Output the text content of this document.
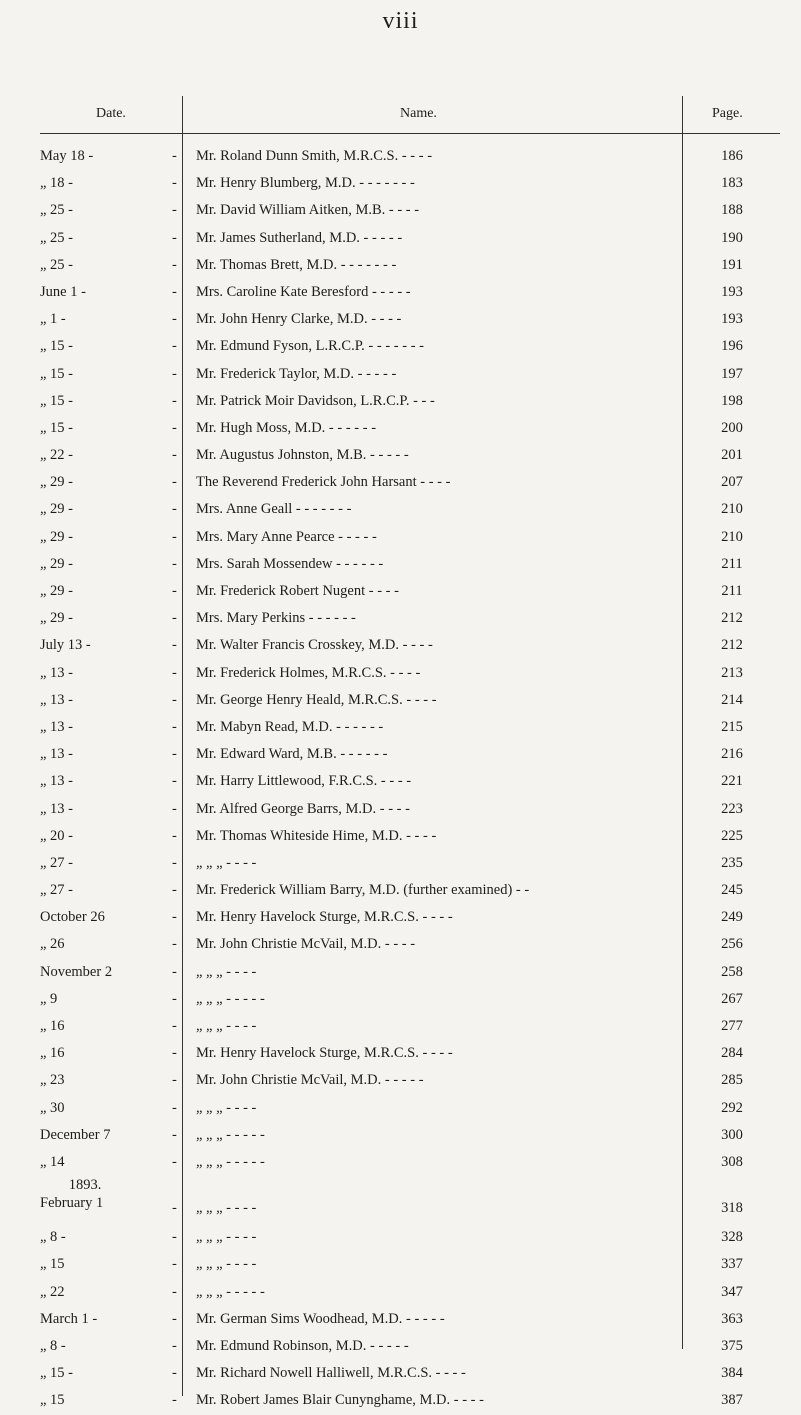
viii
Date.	Name.	Page.
May 18 -	- Mr. Roland Dunn Smith, M.R.C.S. - - - -	186
„ 18 -	- Mr. Henry Blumberg, M.D. - - - - - - -	183
„ 25 -	- Mr. David William Aitken, M.B. - - - -	188
„ 25 -	- Mr. James Sutherland, M.D. - - - - -	190
„ 25 -	- Mr. Thomas Brett, M.D. - - - - - - -	191
June 1 -	- Mrs. Caroline Kate Beresford - - - - -	193
„ 1 -	- Mr. John Henry Clarke, M.D. - - - -	193
„ 15 -	- Mr. Edmund Fyson, L.R.C.P. - - - - - - -	196
„ 15 -	- Mr. Frederick Taylor, M.D. - - - - -	197
„ 15 -	- Mr. Patrick Moir Davidson, L.R.C.P. - - -	198
„ 15 -	- Mr. Hugh Moss, M.D. - - - - - -	200
„ 22 -	- Mr. Augustus Johnston, M.B. - - - - -	201
„ 29 -	- The Reverend Frederick John Harsant - - - -	207
„ 29 -	- Mrs. Anne Geall - - - - - - -	210
„ 29 -	- Mrs. Mary Anne Pearce - - - - -	210
„ 29 -	- Mrs. Sarah Mossendew - - - - - -	211
„ 29 -	- Mr. Frederick Robert Nugent - - - -	211
„ 29 -	- Mrs. Mary Perkins - - - - - -	212
July 13 -	- Mr. Walter Francis Crosskey, M.D. - - - -	212
„ 13 -	- Mr. Frederick Holmes, M.R.C.S. - - - -	213
„ 13 -	- Mr. George Henry Heald, M.R.C.S. - - - -	214
„ 13 -	- Mr. Mabyn Read, M.D. - - - - - -	215
„ 13 -	- Mr. Edward Ward, M.B. - - - - - -	216
„ 13 -	- Mr. Harry Littlewood, F.R.C.S. - - - -	221
„ 13 -	- Mr. Alfred George Barrs, M.D. - - - -	223
„ 20 -	- Mr. Thomas Whiteside Hime, M.D. - - - -	225
„ 27 -	- „ „ „ - - - -	235
„ 27 -	- Mr. Frederick William Barry, M.D. (further examined) - -	245
October 26	- Mr. Henry Havelock Sturge, M.R.C.S. - - - -	249
„ 26	- Mr. John Christie McVail, M.D. - - - -	256
November 2	- „ „ „ - - - -	258
„ 9	- „ „ „ - - - - -	267
„ 16	- „ „ „ - - - -	277
„ 16	- Mr. Henry Havelock Sturge, M.R.C.S. - - - -	284
„ 23	- Mr. John Christie McVail, M.D. - - - - -	285
„ 30	- „ „ „ - - - -	292
December 7	- „ „ „ - - - - -	300
„ 14	- „ „ „ - - - - -	308
1893.
February 1	- „ „ „ - - - -	318
„ 8 -	- „ „ „ - - - -	328
„ 15	- „ „ „ - - - -	337
„ 22	- „ „ „ - - - - -	347
March 1 -	- Mr. German Sims Woodhead, M.D. - - - - -	363
„ 8 -	- Mr. Edmund Robinson, M.D. - - - - -	375
„ 15 -	- Mr. Richard Nowell Halliwell, M.R.C.S. - - - -	384
„ 15	- Mr. Robert James Blair Cunynghame, M.D. - - - -	387
